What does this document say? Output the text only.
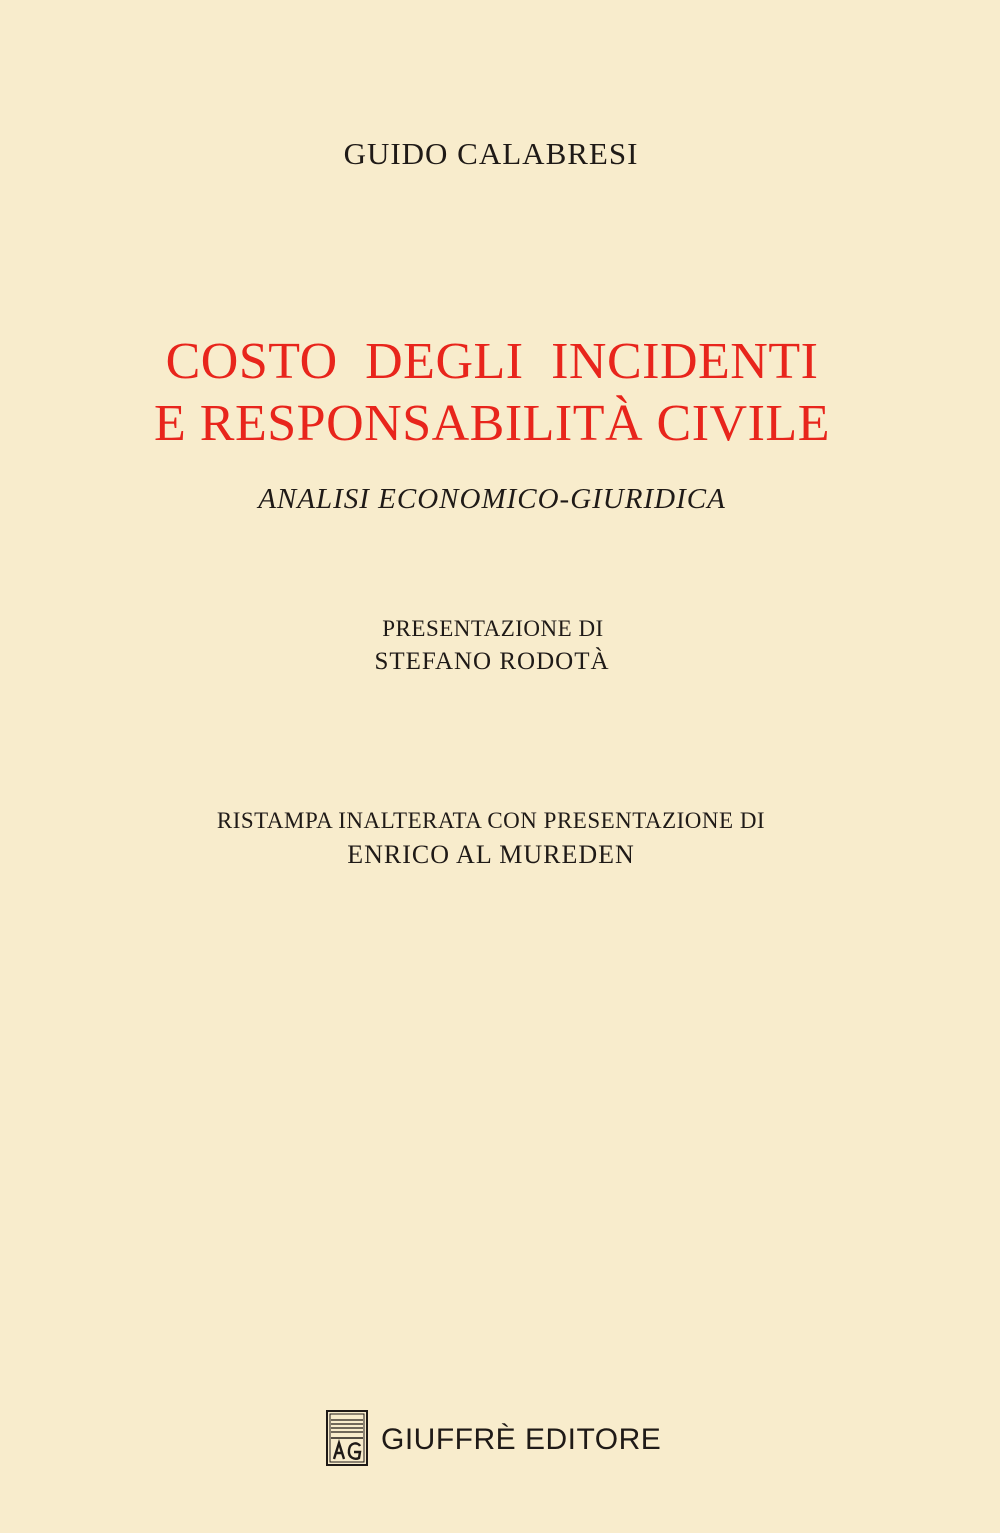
GUIDO CALABRESI
COSTO DEGLI INCIDENTI
E RESPONSABILITÀ CIVILE
ANALISI ECONOMICO-GIURIDICA
PRESENTAZIONE DI
STEFANO RODOTÀ
RISTAMPA INALTERATA CON PRESENTAZIONE DI
ENRICO AL MUREDEN
GIUFFRÈ EDITORE
